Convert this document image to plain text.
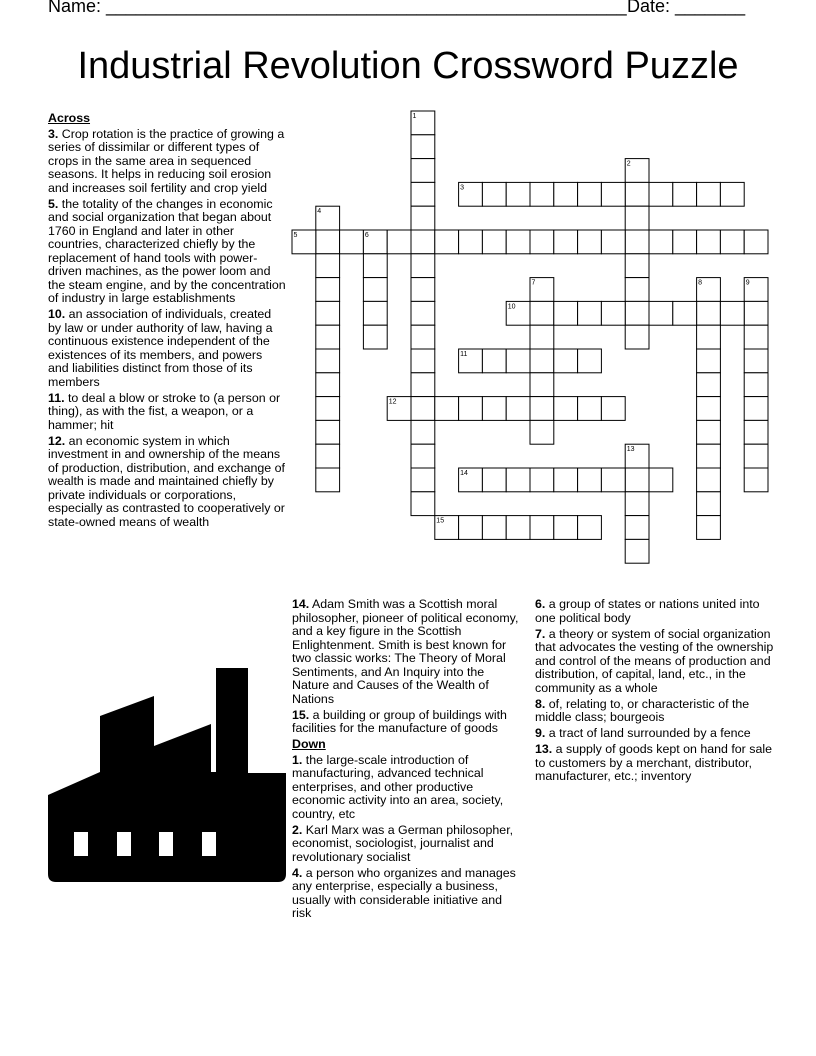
Name: ____________________________________________________ Date: _______
Industrial Revolution Crossword Puzzle
1
2
3
4
5	6
7	8	9
10
11
12
13
14
15
Across
3. Crop rotation is the practice of growing a series of dissimilar or different types of crops in the same area in sequenced seasons. It helps in reducing soil erosion and increases soil fertility and crop yield
5. the totality of the changes in economic and social organization that began about 1760 in England and later in other countries, characterized chiefly by the replacement of hand tools with power-driven machines, as the power loom and the steam engine, and by the concentration of industry in large establishments
10. an association of individuals, created by law or under authority of law, having a continuous existence independent of the existences of its members, and powers and liabilities distinct from those of its members
11. to deal a blow or stroke to (a person or thing), as with the fist, a weapon, or a hammer; hit
12. an economic system in which investment in and ownership of the means of production, distribution, and exchange of wealth is made and maintained chiefly by private individuals or corporations, especially as contrasted to cooperatively or state-owned means of wealth
14. Adam Smith was a Scottish moral philosopher, pioneer of political economy, and a key figure in the Scottish Enlightenment. Smith is best known for two classic works: The Theory of Moral Sentiments, and An Inquiry into the Nature and Causes of the Wealth of Nations
15. a building or group of buildings with facilities for the manufacture of goods
Down
1. the large-scale introduction of manufacturing, advanced technical enterprises, and other productive economic activity into an area, society, country, etc
2. Karl Marx was a German philosopher, economist, sociologist, journalist and revolutionary socialist
4. a person who organizes and manages any enterprise, especially a business, usually with considerable initiative and risk
6. a group of states or nations united into one political body
7. a theory or system of social organization that advocates the vesting of the ownership and control of the means of production and distribution, of capital, land, etc., in the community as a whole
8. of, relating to, or characteristic of the middle class; bourgeois
9. a tract of land surrounded by a fence
13. a supply of goods kept on hand for sale to customers by a merchant, distributor, manufacturer, etc.; inventory
